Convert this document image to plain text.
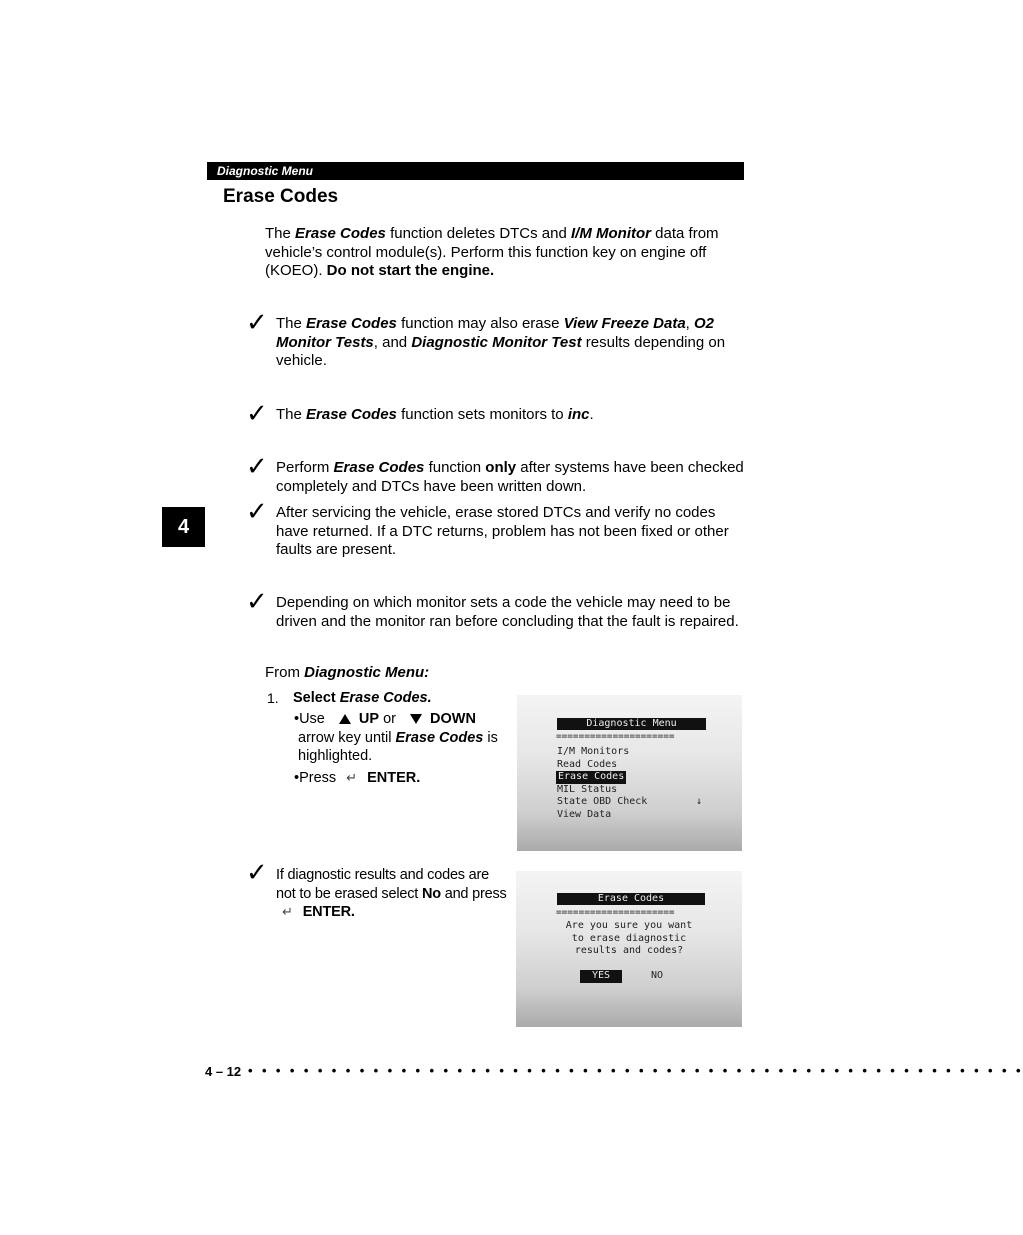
Diagnostic Menu
Erase Codes
The Erase Codes function deletes DTCs and I/M Monitor data from vehicle’s control module(s). Perform this function key on engine off (KOEO). Do not start the engine.
✓ The Erase Codes function may also erase View Freeze Data, O2 Monitor Tests, and Diagnostic Monitor Test results depending on vehicle.
✓ The Erase Codes function sets monitors to inc.
✓ Perform Erase Codes function only after systems have been checked completely and DTCs have been written down.
4	✓ After servicing the vehicle, erase stored DTCs and verify no codes have returned. If a DTC returns, problem has not been fixed or other faults are present.
✓ Depending on which monitor sets a code the vehicle may need to be driven and the monitor ran before concluding that the fault is repaired.
From Diagnostic Menu:
1. Select Erase Codes.
•Use UP or DOWN
arrow key until Erase Codes is highlighted.
•Press ↵ ENTER.
Diagnostic Menu
=====================
I/M Monitors
Read Codes
Erase Codes
MIL Status
State OBD Check	↓
View Data
✓ If diagnostic results and codes are not to be erased select No and press ↵ ENTER.
Erase Codes
=====================
Are you sure you want
to erase diagnostic
results and codes?
YES	NO
4 – 12 • • • • • • • • • • • • • • • • • • • • • • • • • • • • • • • • • • • • • • • • • • • • • • • • • • • • • • • •
